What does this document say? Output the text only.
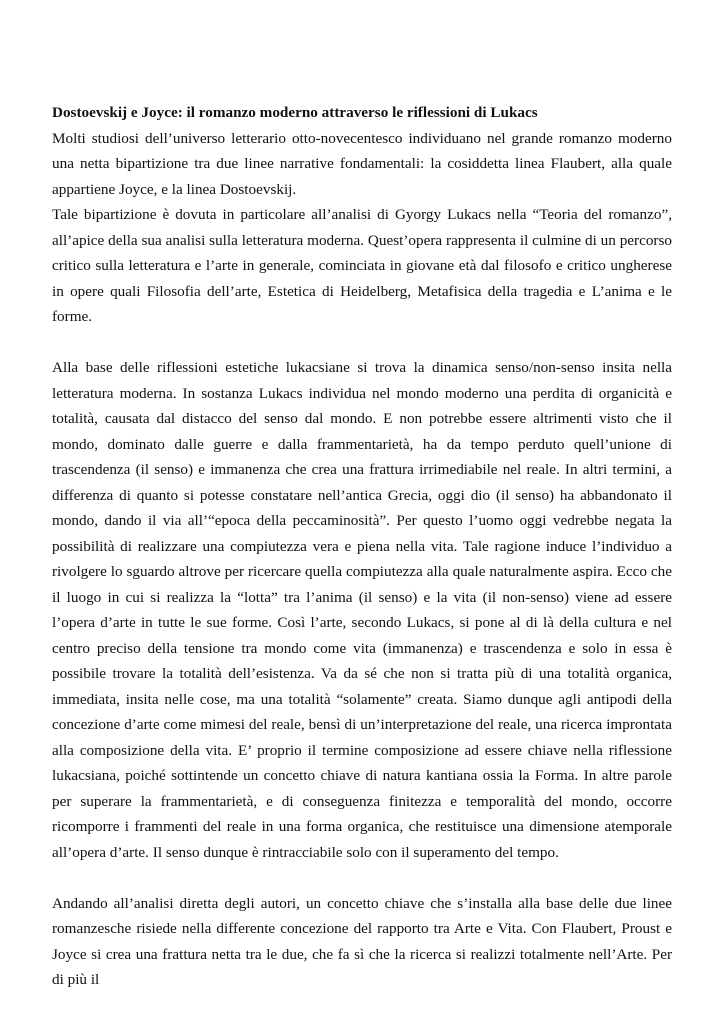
Dostoevskij e Joyce: il romanzo moderno attraverso le riflessioni di Lukacs

Molti studiosi dell’universo letterario otto-novecentesco individuano nel grande romanzo moderno una netta bipartizione tra due linee narrative fondamentali: la cosiddetta linea Flaubert, alla quale appartiene Joyce, e la linea Dostoevskij.

Tale bipartizione è dovuta in particolare all’analisi di Gyorgy Lukacs nella “Teoria del romanzo”, all’apice della sua analisi sulla letteratura moderna. Quest’opera rappresenta il culmine di un percorso critico sulla letteratura e l’arte in generale, cominciata in giovane età dal filosofo e critico ungherese in opere quali Filosofia dell’arte, Estetica di Heidelberg, Metafisica della tragedia e L’anima e le forme.

Alla base delle riflessioni estetiche lukacsiane si trova la dinamica senso/non-senso insita nella letteratura moderna. In sostanza Lukacs individua nel mondo moderno una perdita di organicità e totalità, causata dal distacco del senso dal mondo. E non potrebbe essere altrimenti visto che il mondo, dominato dalle guerre e dalla frammentarietà, ha da tempo perduto quell’unione di trascendenza (il senso) e immanenza che crea una frattura irrimediabile nel reale. In altri termini, a differenza di quanto si potesse constatare nell’antica Grecia, oggi dio (il senso) ha abbandonato il mondo, dando il via all’“epoca della peccaminosità”. Per questo l’uomo oggi vedrebbe negata la possibilità di realizzare una compiutezza vera e piena nella vita. Tale ragione induce l’individuo a rivolgere lo sguardo altrove per ricercare quella compiutezza alla quale naturalmente aspira. Ecco che il luogo in cui si realizza la “lotta” tra l’anima (il senso) e la vita (il non-senso) viene ad essere l’opera d’arte in tutte le sue forme. Così l’arte, secondo Lukacs, si pone al di là della cultura e nel centro preciso della tensione tra mondo come vita (immanenza) e trascendenza e solo in essa è possibile trovare la totalità dell’esistenza. Va da sé che non si tratta più di una totalità organica, immediata, insita nelle cose, ma una totalità “solamente” creata. Siamo dunque agli antipodi della concezione d’arte come mimesi del reale, bensì di un’interpretazione del reale, una ricerca improntata alla composizione della vita. E’ proprio il termine composizione ad essere chiave nella riflessione lukacsiana, poiché sottintende un concetto chiave di natura kantiana ossia la Forma. In altre parole per superare la frammentarietà, e di conseguenza finitezza e temporalità del mondo, occorre ricomporre i frammenti del reale in una forma organica, che restituisce una dimensione atemporale all’opera d’arte. Il senso dunque è rintracciabile solo con il superamento del tempo.

Andando all’analisi diretta degli autori, un concetto chiave che s’installa alla base delle due linee romanzesche risiede nella differente concezione del rapporto tra Arte e Vita. Con Flaubert, Proust e Joyce si crea una frattura netta tra le due, che fa sì che la ricerca si realizzi totalmente nell’Arte. Per di più il
